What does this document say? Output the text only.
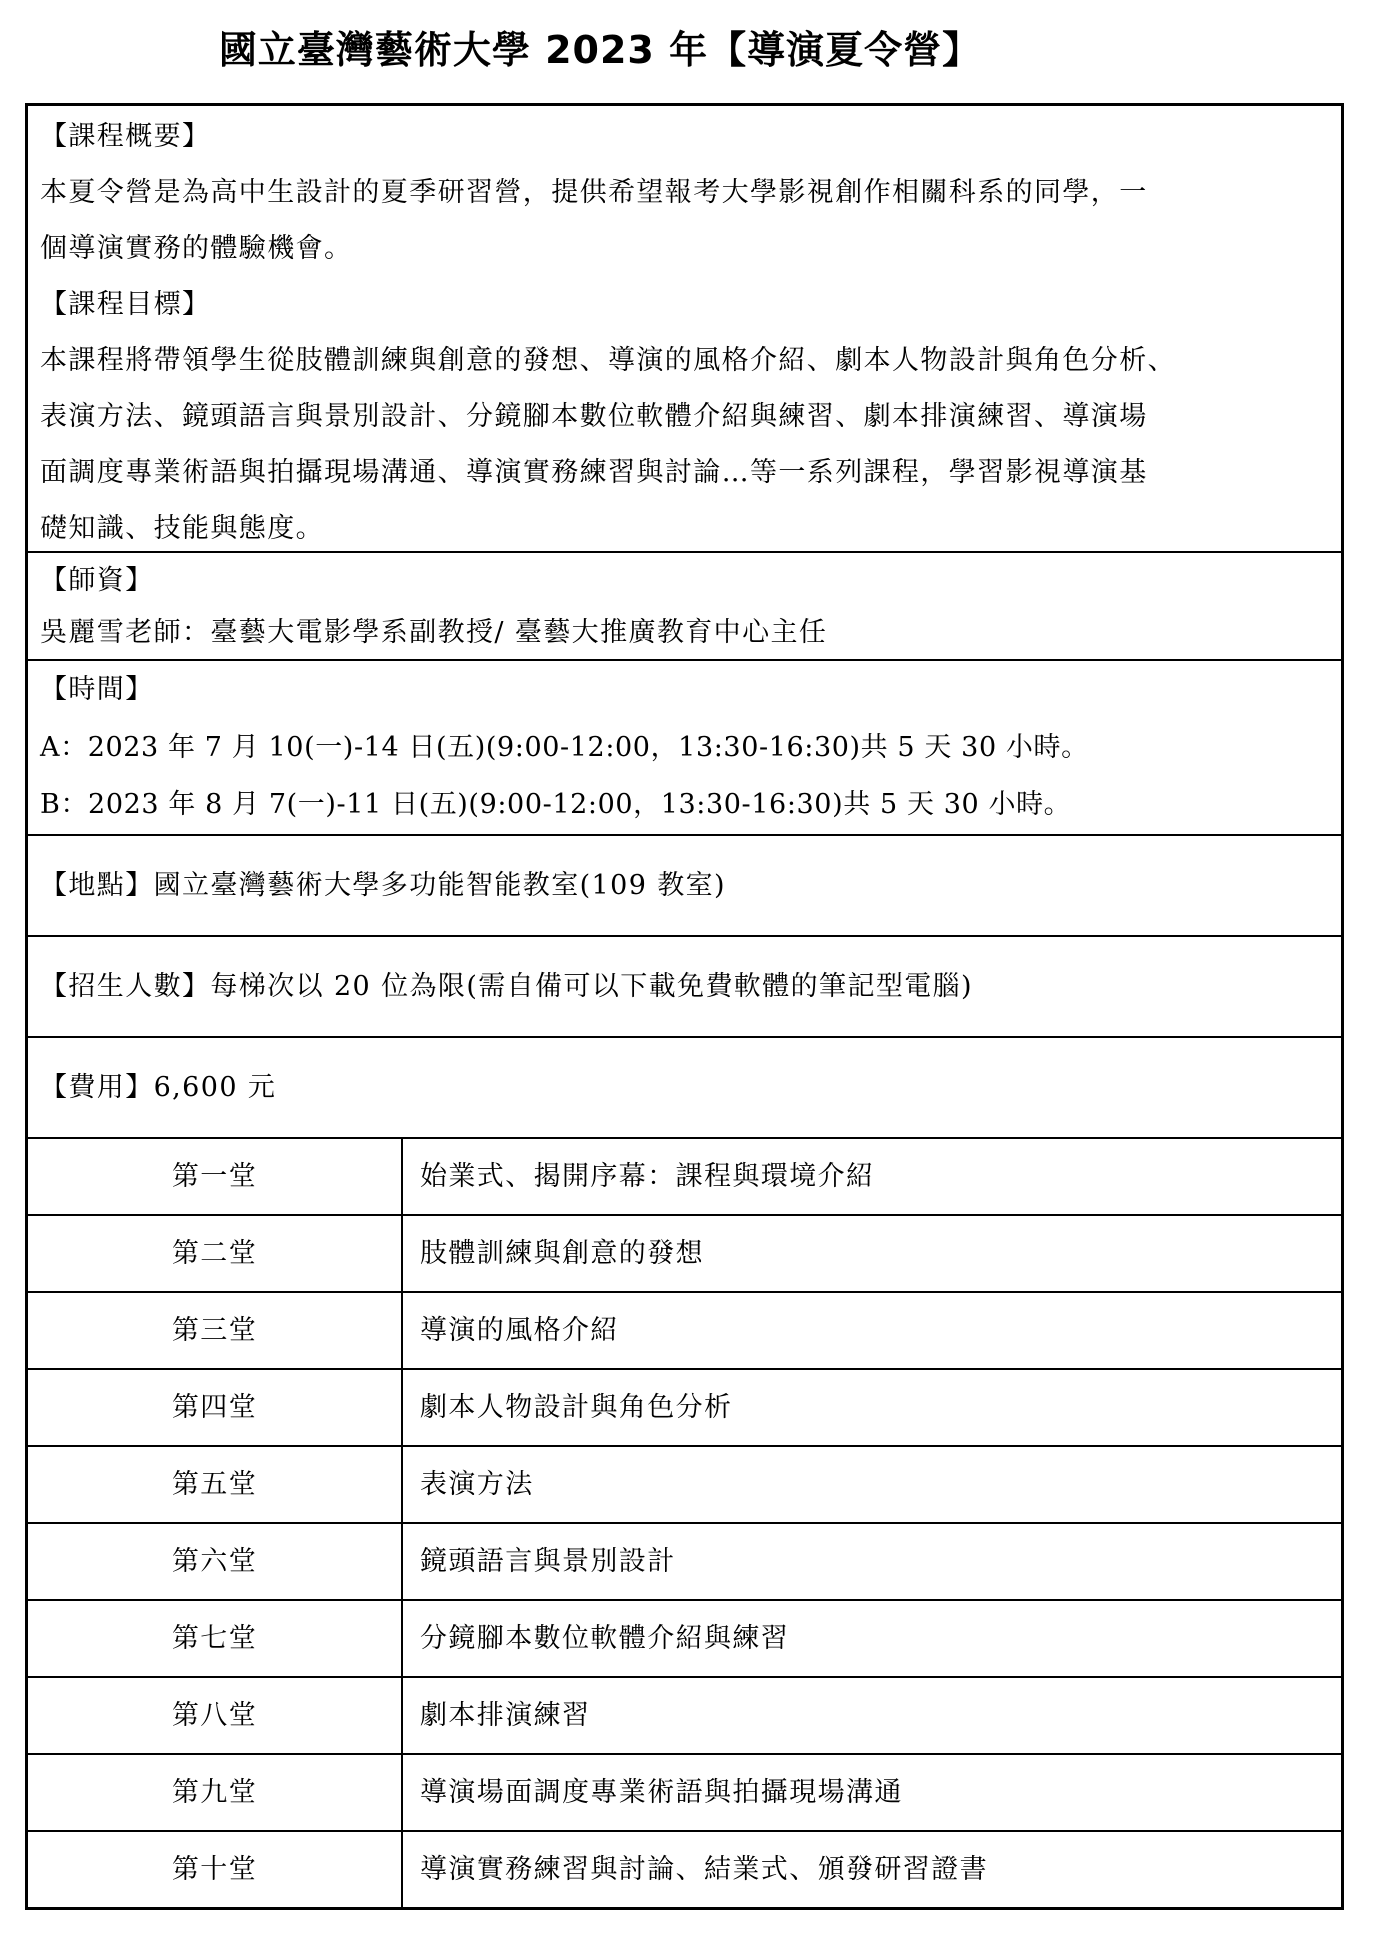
國立臺灣藝術大學 2023 年【導演夏令營】
【課程概要】
本夏令營是為高中生設計的夏季研習營，提供希望報考大學影視創作相關科系的同學，一
個導演實務的體驗機會。
【課程目標】
本課程將帶領學生從肢體訓練與創意的發想、導演的風格介紹、劇本人物設計與角色分析、
表演方法、鏡頭語言與景別設計、分鏡腳本數位軟體介紹與練習、劇本排演練習、導演場
面調度專業術語與拍攝現場溝通、導演實務練習與討論…等一系列課程，學習影視導演基
礎知識、技能與態度。
【師資】
吳麗雪老師：臺藝大電影學系副教授/ 臺藝大推廣教育中心主任
【時間】
A：2023 年 7 月 10(一)-14 日(五)(9:00-12:00，13:30-16:30)共 5 天 30 小時。
B：2023 年 8 月 7(一)-11 日(五)(9:00-12:00，13:30-16:30)共 5 天 30 小時。
【地點】國立臺灣藝術大學多功能智能教室(109 教室)
【招生人數】每梯次以 20 位為限(需自備可以下載免費軟體的筆記型電腦)
【費用】6,600 元
第一堂	始業式、揭開序幕：課程與環境介紹
第二堂	肢體訓練與創意的發想
第三堂	導演的風格介紹
第四堂	劇本人物設計與角色分析
第五堂	表演方法
第六堂	鏡頭語言與景別設計
第七堂	分鏡腳本數位軟體介紹與練習
第八堂	劇本排演練習
第九堂	導演場面調度專業術語與拍攝現場溝通
第十堂	導演實務練習與討論、結業式、頒發研習證書
